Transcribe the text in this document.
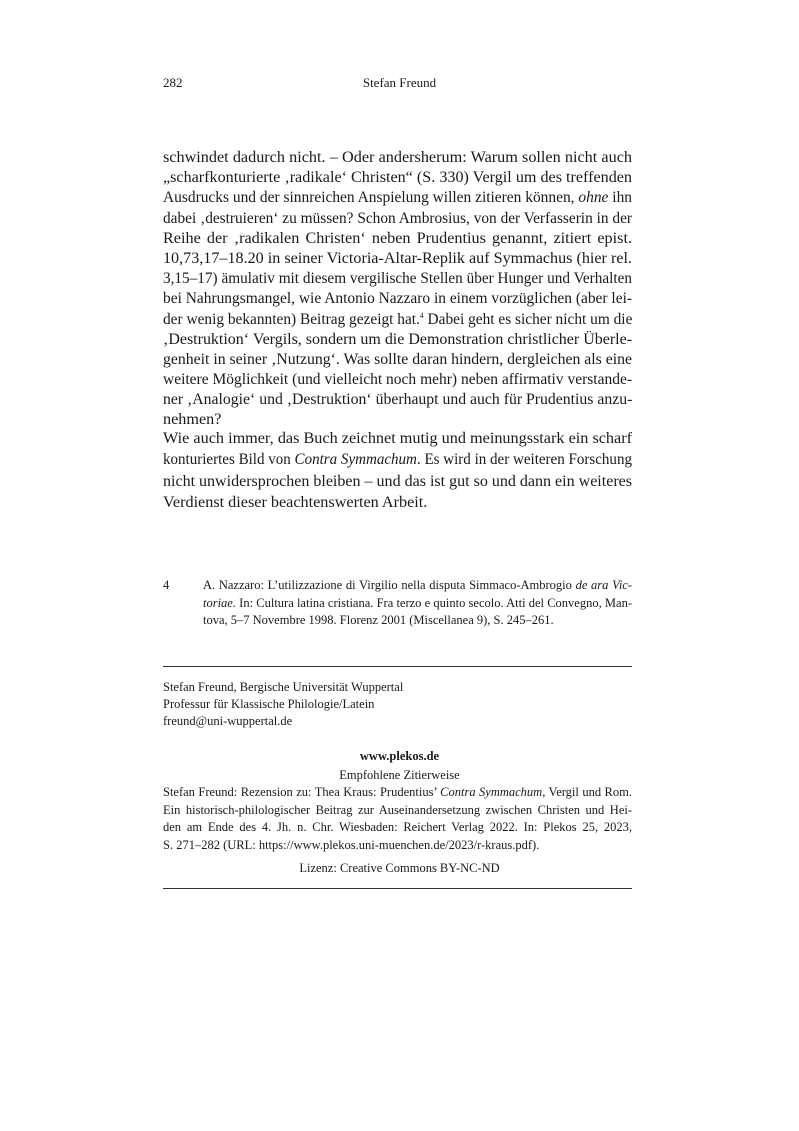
282	Stefan Freund
schwindet dadurch nicht. – Oder andersherum: Warum sollen nicht auch
„scharfkonturierte ‚radikale‘ Christen“ (S. 330) Vergil um des treffenden
Ausdrucks und der sinnreichen Anspielung willen zitieren können, ohne ihn
dabei ‚destruieren‘ zu müssen? Schon Ambrosius, von der Verfasserin in der
Reihe der ‚radikalen Christen‘ neben Prudentius genannt, zitiert epist.
10,73,17–18.20 in seiner Victoria-Altar-Replik auf Symmachus (hier rel.
3,15–17) ämulativ mit diesem vergilische Stellen über Hunger und Verhalten
bei Nahrungsmangel, wie Antonio Nazzaro in einem vorzüglichen (aber lei-
der wenig bekannten) Beitrag gezeigt hat.$^4$ Dabei geht es sicher nicht um die
‚Destruktion‘ Vergils, sondern um die Demonstration christlicher Überle-
genheit in seiner ‚Nutzung‘. Was sollte daran hindern, dergleichen als eine
weitere Möglichkeit (und vielleicht noch mehr) neben affirmativ verstande-
ner ‚Analogie‘ und ‚Destruktion‘ überhaupt und auch für Prudentius anzu-
nehmen?
Wie auch immer, das Buch zeichnet mutig und meinungsstark ein scharf
konturiertes Bild von Contra Symmachum. Es wird in der weiteren Forschung
nicht unwidersprochen bleiben – und das ist gut so und dann ein weiteres
Verdienst dieser beachtenswerten Arbeit.
4	A. Nazzaro: L’utilizzazione di Virgilio nella disputa Simmaco-Ambrogio de ara Vic-
toriae. In: Cultura latina cristiana. Fra terzo e quinto secolo. Atti del Convegno, Man-
tova, 5–7 Novembre 1998. Florenz 2001 (Miscellanea 9), S. 245–261.
Stefan Freund, Bergische Universität Wuppertal
Professur für Klassische Philologie/Latein
freund@uni-wuppertal.de
www.plekos.de
Empfohlene Zitierweise
Stefan Freund: Rezension zu: Thea Kraus: Prudentius’ Contra Symmachum, Vergil und Rom.
Ein historisch-philologischer Beitrag zur Auseinandersetzung zwischen Christen und Hei-
den am Ende des 4. Jh. n. Chr. Wiesbaden: Reichert Verlag 2022. In: Plekos 25, 2023,
S. 271–282 (URL: https://www.plekos.uni-muenchen.de/2023/r-kraus.pdf).
Lizenz: Creative Commons BY-NC-ND
